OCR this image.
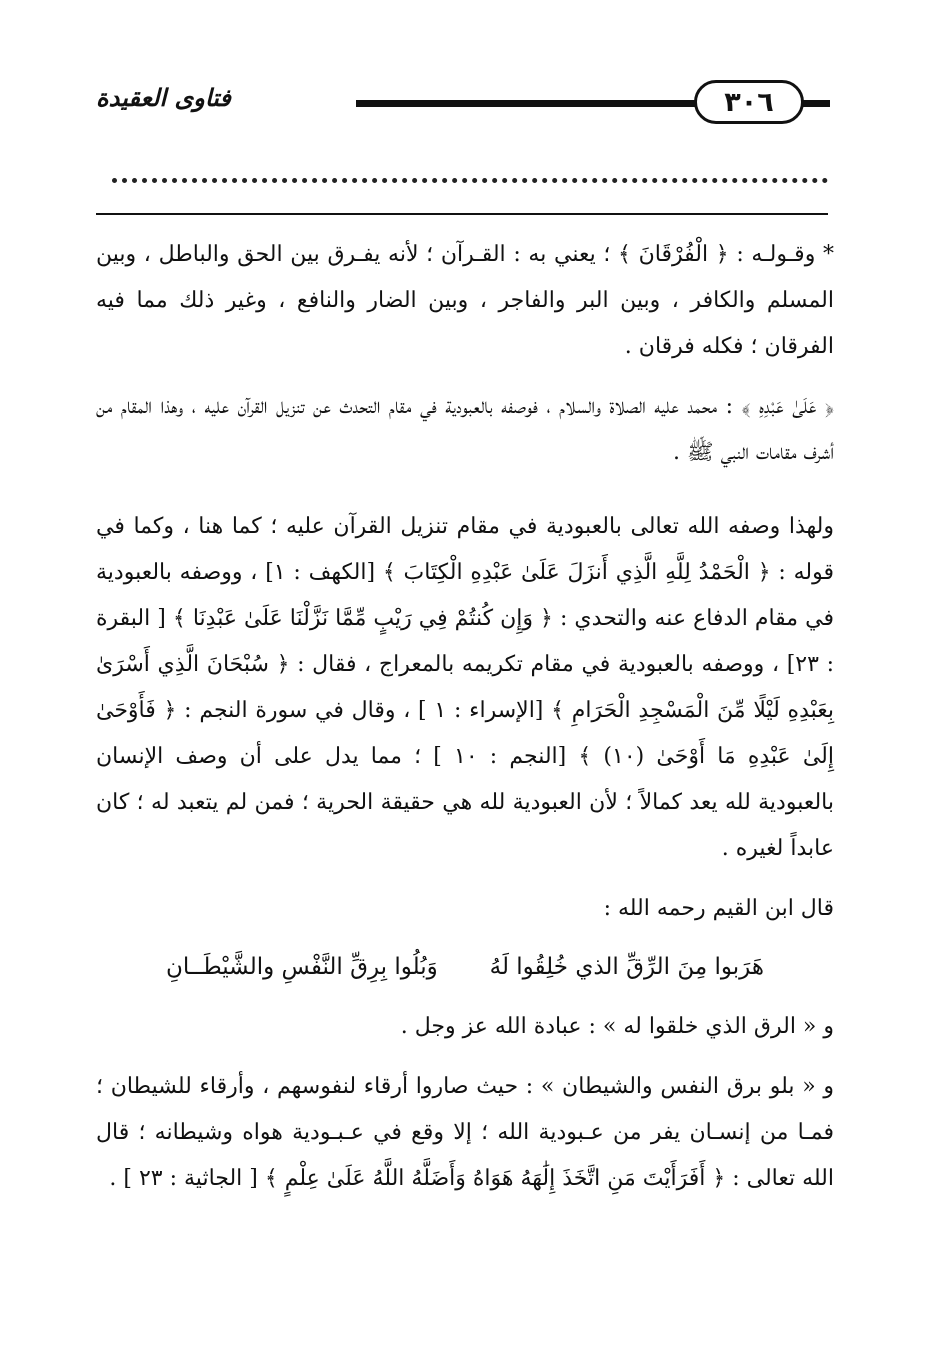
فتاوى العقيدة	٣٠٦

* وقـولـه : ﴿ الْفُرْقَانَ ﴾ ؛ يعني به : القـرآن ؛ لأنه يفـرق بين الحق والباطل ، وبين المسلم والكافر ، وبين البر والفاجر ، وبين الضار والنافع ، وغير ذلك مما فيه الفرقان ؛ فكله فرقان .

﴿ عَلَىٰ عَبْدِهِ ﴾ : محمد عليه الصلاة والسلام ، فوصفه بالعبودية في مقام التحدث عن تنزيل القرآن عليه ، وهذا المقام من أشرف مقامات النبي ﷺ .

ولهذا وصفه الله تعالى بالعبودية في مقام تنزيل القرآن عليه ؛ كما هنا ، وكما في قوله : ﴿ الْحَمْدُ لِلَّهِ الَّذِي أَنزَلَ عَلَىٰ عَبْدِهِ الْكِتَابَ ﴾ [الكهف : ١] ، ووصفه بالعبودية في مقام الدفاع عنه والتحدي : ﴿ وَإِن كُنتُمْ فِي رَيْبٍ مِّمَّا نَزَّلْنَا عَلَىٰ عَبْدِنَا ﴾ [ البقرة : ٢٣] ، ووصفه بالعبودية في مقام تكريمه بالمعراج ، فقال : ﴿ سُبْحَانَ الَّذِي أَسْرَىٰ بِعَبْدِهِ لَيْلًا مِّنَ الْمَسْجِدِ الْحَرَامِ ﴾ [الإسراء : ١ ] ، وقال في سورة النجم : ﴿ فَأَوْحَىٰ إِلَىٰ عَبْدِهِ مَا أَوْحَىٰ (١٠) ﴾ [النجم : ١٠ ] ؛ مما يدل على أن وصف الإنسان بالعبودية لله يعد كمالاً ؛ لأن العبودية لله هي حقيقة الحرية ؛ فمن لم يتعبد له ؛ كان عابداً لغيره .

قال ابن القيم رحمه الله :

هَرَبوا مِنَ الرِّقِّ الذي خُلِقُوا لَهُ
وَبُلُوا بِرِقِّ النَّفْسِ والشَّيْطَــانِ

و « الرق الذي خلقوا له » : عبادة الله عز وجل .

و « بلو برق النفس والشيطان » : حيث صاروا أرقاء لنفوسهم ، وأرقاء للشيطان ؛ فمـا من إنسـان يفر من عـبودية الله ؛ إلا وقع في عـبـودية هواه وشيطانه ؛ قال الله تعالى : ﴿ أَفَرَأَيْتَ مَنِ اتَّخَذَ إِلَٰهَهُ هَوَاهُ وَأَضَلَّهُ اللَّهُ عَلَىٰ عِلْمٍ ﴾ [ الجاثية : ٢٣ ] .
